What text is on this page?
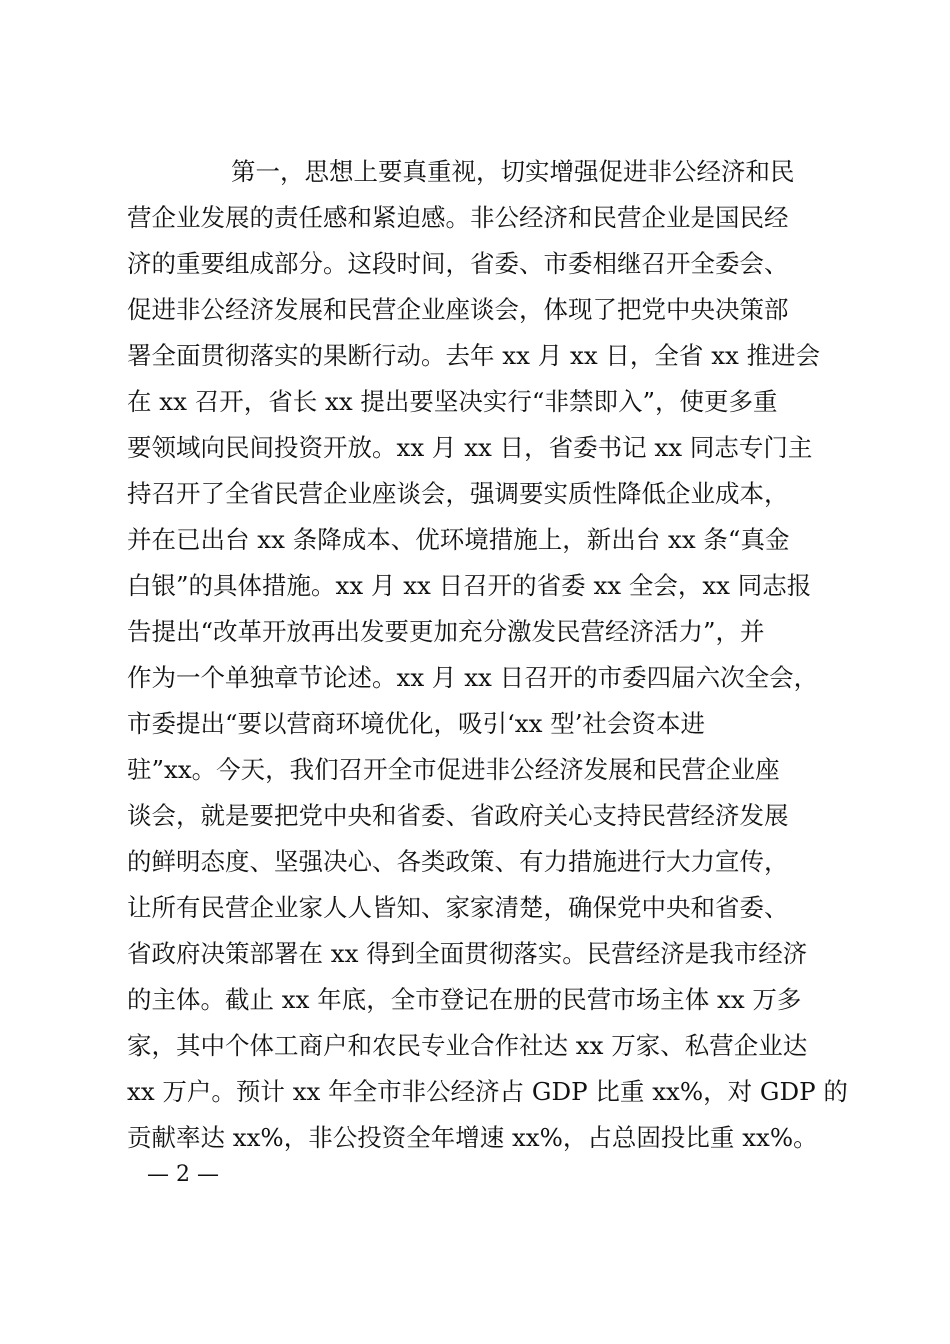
第一，思想上要真重视，切实增强促进非公经济和民
营企业发展的责任感和紧迫感。非公经济和民营企业是国民经
济的重要组成部分。这段时间，省委、市委相继召开全委会、
促进非公经济发展和民营企业座谈会，体现了把党中央决策部
署全面贯彻落实的果断行动。去年 xx 月 xx 日，全省 xx 推进会
在 xx 召开，省长 xx 提出要坚决实行“非禁即入”，使更多重
要领域向民间投资开放。xx 月 xx 日，省委书记 xx 同志专门主
持召开了全省民营企业座谈会，强调要实质性降低企业成本，
并在已出台 xx 条降成本、优环境措施上，新出台 xx 条“真金
白银”的具体措施。xx 月 xx 日召开的省委 xx 全会，xx 同志报
告提出“改革开放再出发要更加充分激发民营经济活力”，并
作为一个单独章节论述。xx 月 xx 日召开的市委四届六次全会，
市委提出“要以营商环境优化，吸引‘xx 型’社会资本进
驻”xx。今天，我们召开全市促进非公经济发展和民营企业座
谈会，就是要把党中央和省委、省政府关心支持民营经济发展
的鲜明态度、坚强决心、各类政策、有力措施进行大力宣传，
让所有民营企业家人人皆知、家家清楚，确保党中央和省委、
省政府决策部署在 xx 得到全面贯彻落实。民营经济是我市经济
的主体。截止 xx 年底，全市登记在册的民营市场主体 xx 万多
家，其中个体工商户和农民专业合作社达 xx 万家、私营企业达
xx 万户。预计 xx 年全市非公经济占 GDP 比重 xx%，对 GDP 的
贡献率达 xx%，非公投资全年增速 xx%，占总固投比重 xx%。
— 2 —
